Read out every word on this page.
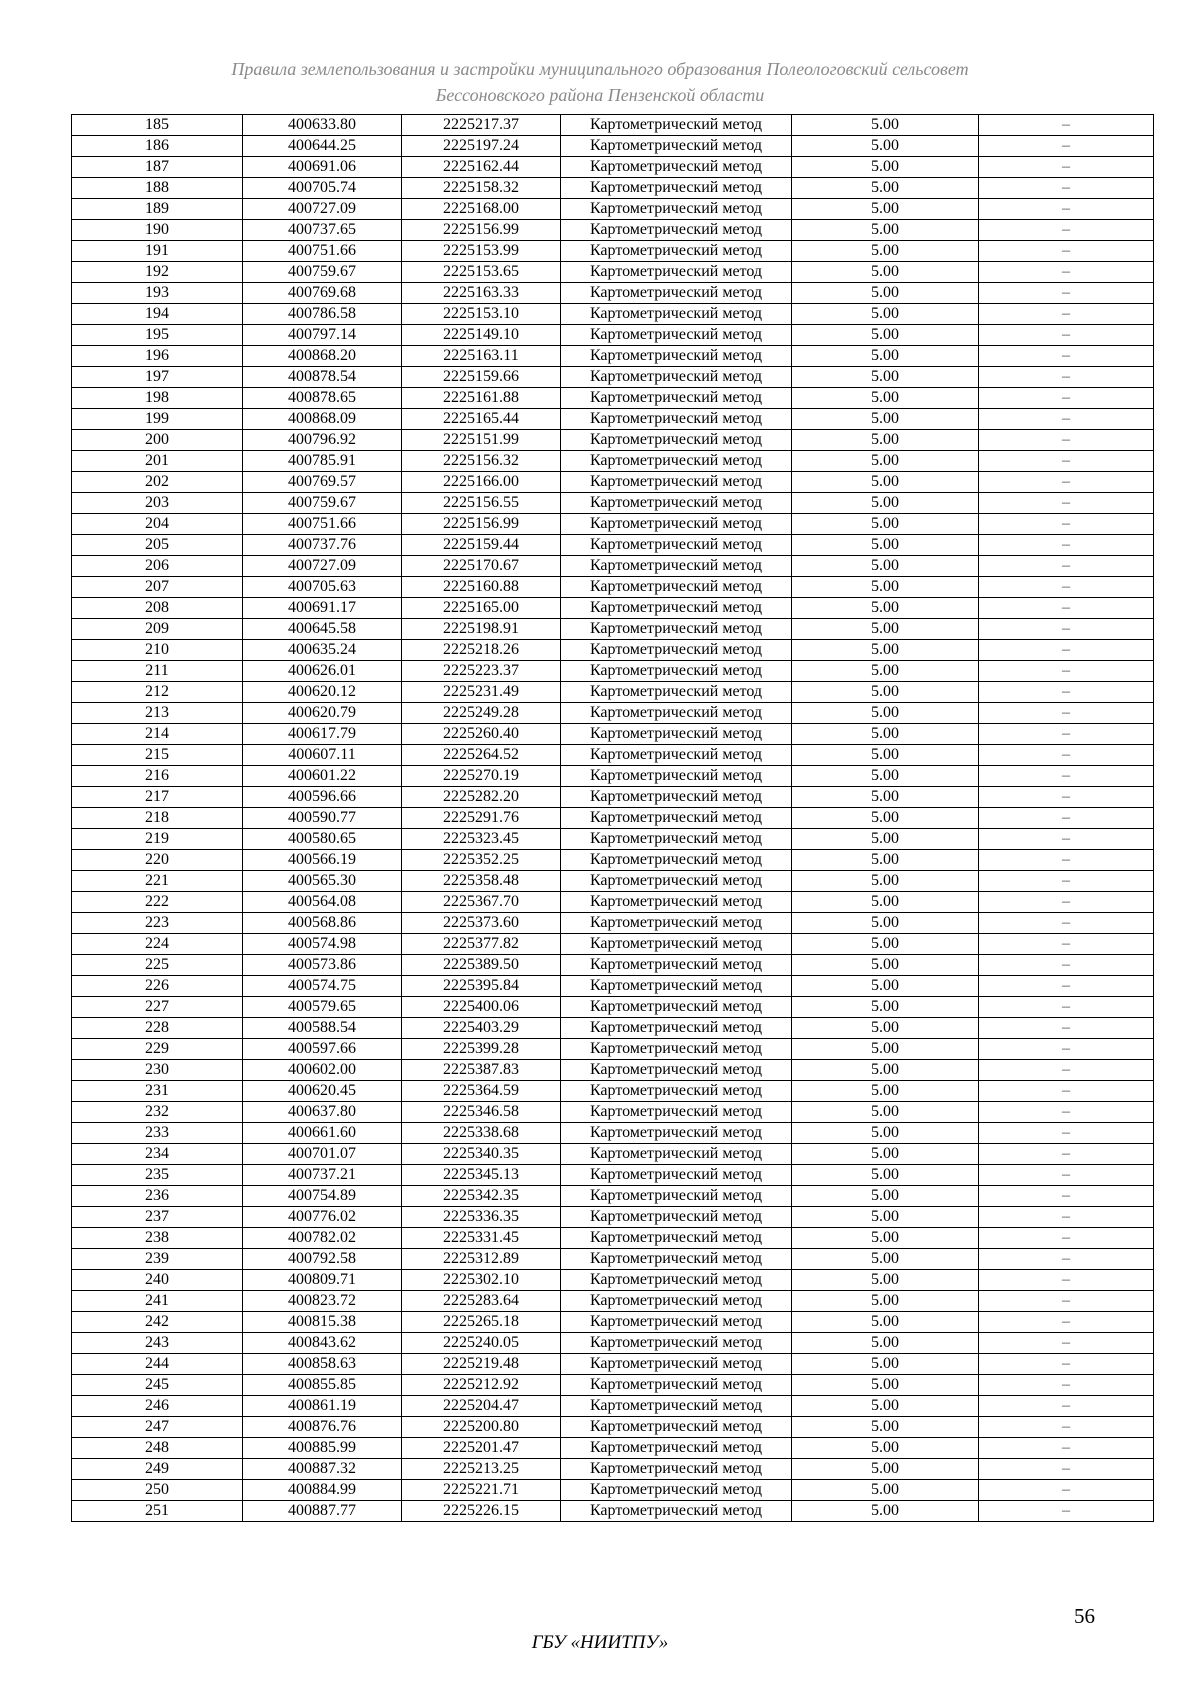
Правила землепользования и застройки муниципального образования Полеологовский сельсовет
Бессоновского района Пензенской области
185	400633.80	2225217.37	Картометрический метод	5.00	–
186	400644.25	2225197.24	Картометрический метод	5.00	–
187	400691.06	2225162.44	Картометрический метод	5.00	–
188	400705.74	2225158.32	Картометрический метод	5.00	–
189	400727.09	2225168.00	Картометрический метод	5.00	–
190	400737.65	2225156.99	Картометрический метод	5.00	–
191	400751.66	2225153.99	Картометрический метод	5.00	–
192	400759.67	2225153.65	Картометрический метод	5.00	–
193	400769.68	2225163.33	Картометрический метод	5.00	–
194	400786.58	2225153.10	Картометрический метод	5.00	–
195	400797.14	2225149.10	Картометрический метод	5.00	–
196	400868.20	2225163.11	Картометрический метод	5.00	–
197	400878.54	2225159.66	Картометрический метод	5.00	–
198	400878.65	2225161.88	Картометрический метод	5.00	–
199	400868.09	2225165.44	Картометрический метод	5.00	–
200	400796.92	2225151.99	Картометрический метод	5.00	–
201	400785.91	2225156.32	Картометрический метод	5.00	–
202	400769.57	2225166.00	Картометрический метод	5.00	–
203	400759.67	2225156.55	Картометрический метод	5.00	–
204	400751.66	2225156.99	Картометрический метод	5.00	–
205	400737.76	2225159.44	Картометрический метод	5.00	–
206	400727.09	2225170.67	Картометрический метод	5.00	–
207	400705.63	2225160.88	Картометрический метод	5.00	–
208	400691.17	2225165.00	Картометрический метод	5.00	–
209	400645.58	2225198.91	Картометрический метод	5.00	–
210	400635.24	2225218.26	Картометрический метод	5.00	–
211	400626.01	2225223.37	Картометрический метод	5.00	–
212	400620.12	2225231.49	Картометрический метод	5.00	–
213	400620.79	2225249.28	Картометрический метод	5.00	–
214	400617.79	2225260.40	Картометрический метод	5.00	–
215	400607.11	2225264.52	Картометрический метод	5.00	–
216	400601.22	2225270.19	Картометрический метод	5.00	–
217	400596.66	2225282.20	Картометрический метод	5.00	–
218	400590.77	2225291.76	Картометрический метод	5.00	–
219	400580.65	2225323.45	Картометрический метод	5.00	–
220	400566.19	2225352.25	Картометрический метод	5.00	–
221	400565.30	2225358.48	Картометрический метод	5.00	–
222	400564.08	2225367.70	Картометрический метод	5.00	–
223	400568.86	2225373.60	Картометрический метод	5.00	–
224	400574.98	2225377.82	Картометрический метод	5.00	–
225	400573.86	2225389.50	Картометрический метод	5.00	–
226	400574.75	2225395.84	Картометрический метод	5.00	–
227	400579.65	2225400.06	Картометрический метод	5.00	–
228	400588.54	2225403.29	Картометрический метод	5.00	–
229	400597.66	2225399.28	Картометрический метод	5.00	–
230	400602.00	2225387.83	Картометрический метод	5.00	–
231	400620.45	2225364.59	Картометрический метод	5.00	–
232	400637.80	2225346.58	Картометрический метод	5.00	–
233	400661.60	2225338.68	Картометрический метод	5.00	–
234	400701.07	2225340.35	Картометрический метод	5.00	–
235	400737.21	2225345.13	Картометрический метод	5.00	–
236	400754.89	2225342.35	Картометрический метод	5.00	–
237	400776.02	2225336.35	Картометрический метод	5.00	–
238	400782.02	2225331.45	Картометрический метод	5.00	–
239	400792.58	2225312.89	Картометрический метод	5.00	–
240	400809.71	2225302.10	Картометрический метод	5.00	–
241	400823.72	2225283.64	Картометрический метод	5.00	–
242	400815.38	2225265.18	Картометрический метод	5.00	–
243	400843.62	2225240.05	Картометрический метод	5.00	–
244	400858.63	2225219.48	Картометрический метод	5.00	–
245	400855.85	2225212.92	Картометрический метод	5.00	–
246	400861.19	2225204.47	Картометрический метод	5.00	–
247	400876.76	2225200.80	Картометрический метод	5.00	–
248	400885.99	2225201.47	Картометрический метод	5.00	–
249	400887.32	2225213.25	Картометрический метод	5.00	–
250	400884.99	2225221.71	Картометрический метод	5.00	–
251	400887.77	2225226.15	Картометрический метод	5.00	–
56
ГБУ «НИИТПУ»
